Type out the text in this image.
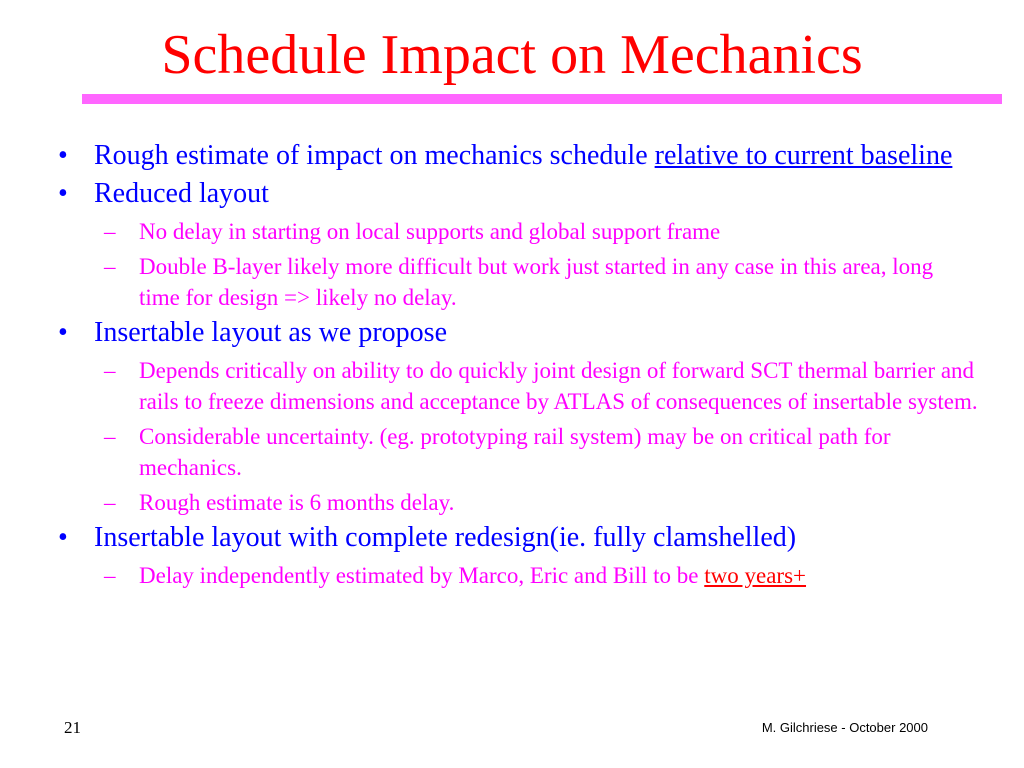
Schedule Impact on Mechanics
• Rough estimate of impact on mechanics schedule relative to current baseline
• Reduced layout
– No delay in starting on local supports and global support frame
– Double B-layer likely more difficult but work just started in any case in this area, long time for design => likely no delay.
• Insertable layout as we propose
– Depends critically on ability to do quickly joint design of forward SCT thermal barrier and rails to freeze dimensions and acceptance by ATLAS of consequences of insertable system.
– Considerable uncertainty. (eg. prototyping rail system) may be on critical path for mechanics.
– Rough estimate is 6 months delay.
• Insertable layout with complete redesign(ie. fully clamshelled)
– Delay independently estimated by Marco, Eric and Bill to be two years+
21	M. Gilchriese - October 2000
